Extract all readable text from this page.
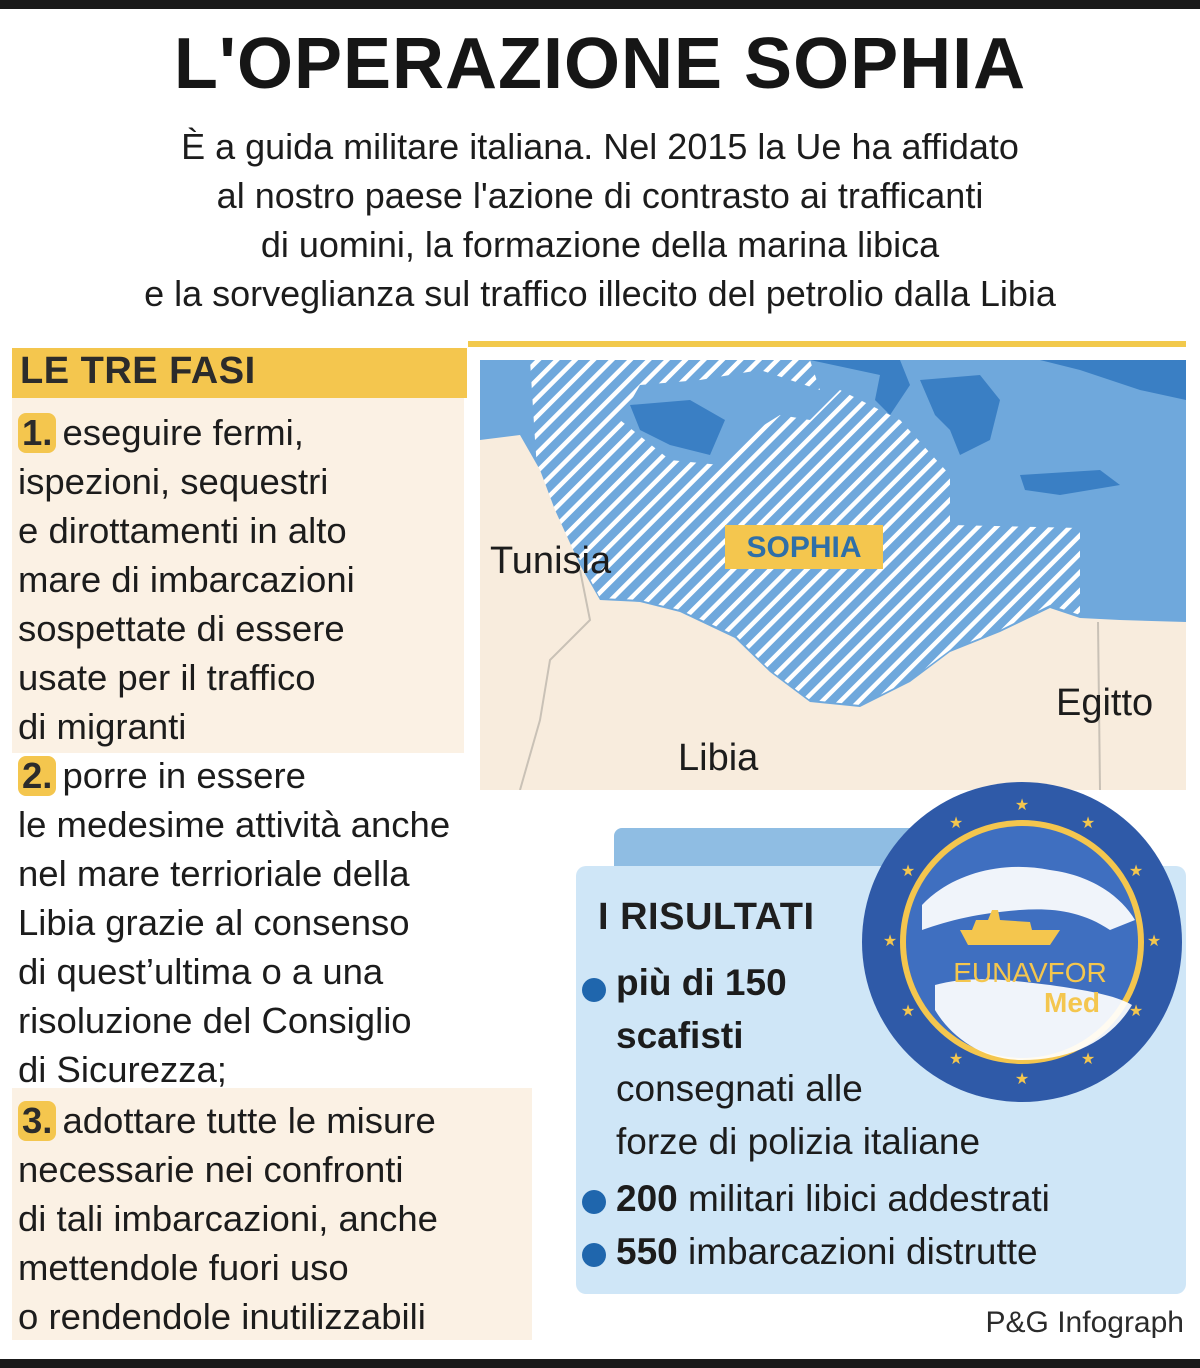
L'OPERAZIONE SOPHIA
È a guida militare italiana. Nel 2015 la Ue ha affidato
al nostro paese l'azione di contrasto ai trafficanti
di uomini, la formazione della marina libica
e la sorveglianza sul traffico illecito del petrolio dalla Libia
LE TRE FASI
1. eseguire fermi,
ispezioni, sequestri
e dirottamenti in alto
mare di imbarcazioni
sospettate di essere
usate per il traffico
di migranti
2. porre in essere
le medesime attività anche
nel mare terrioriale della
Libia grazie al consenso
di quest’ultima o a una
risoluzione del Consiglio
di Sicurezza;
3. adottare tutte le misure
necessarie nei confronti
di tali imbarcazioni, anche
mettendole fuori uso
o rendendole inutilizzabili
SOPHIA
Tunisia
Libia
Egitto
I RISULTATI
più di 150
scafisti
consegnati alle
forze di polizia italiane
200 militari libici addestrati
550 imbarcazioni distrutte
EUNAVFOR
Med
★
★
★
★
★
★
★
★
★
★
★
★
P&G Infograph
